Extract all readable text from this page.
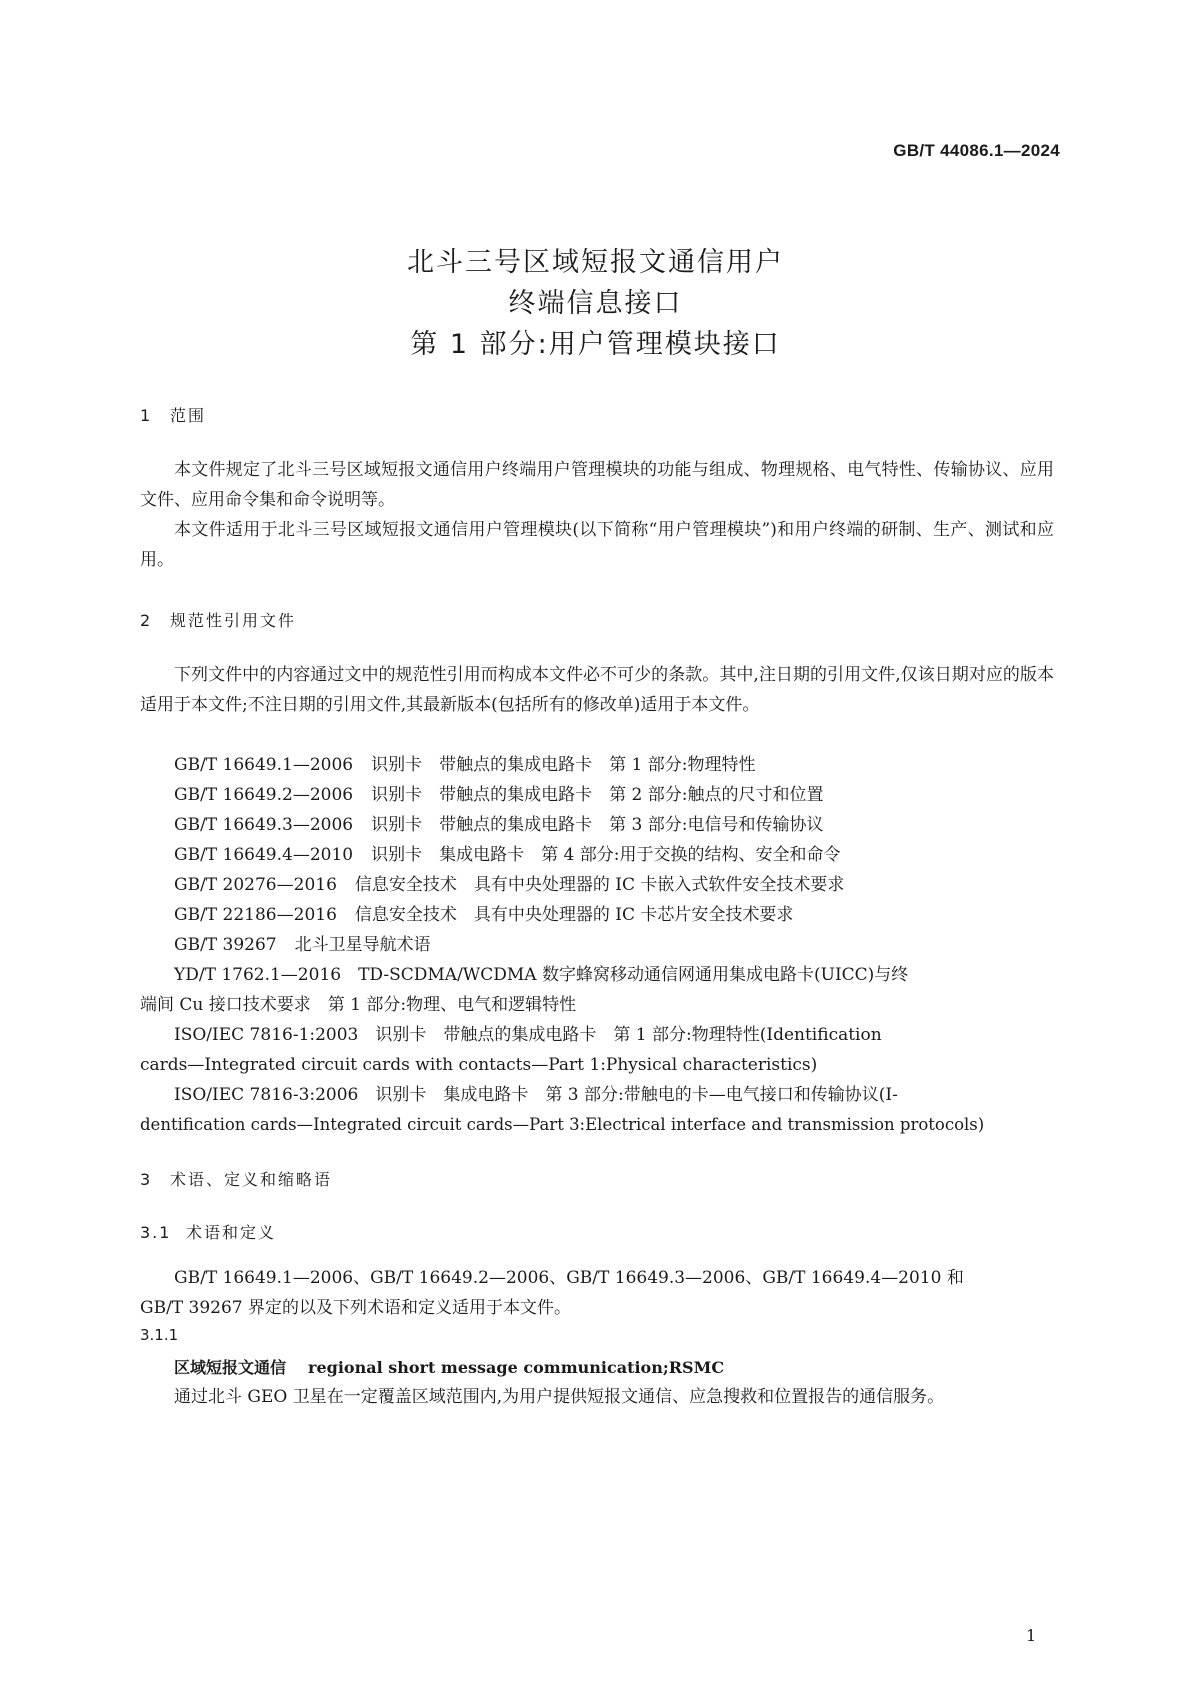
GB/T 44086.1—2024
北斗三号区域短报文通信用户
终端信息接口
第 1 部分:用户管理模块接口
1 范围
本文件规定了北斗三号区域短报文通信用户终端用户管理模块的功能与组成、物理规格、电气特性、传输协议、应用文件、应用命令集和命令说明等。
本文件适用于北斗三号区域短报文通信用户管理模块(以下简称“用户管理模块”)和用户终端的研制、生产、测试和应用。
2 规范性引用文件
下列文件中的内容通过文中的规范性引用而构成本文件必不可少的条款。其中,注日期的引用文件,仅该日期对应的版本适用于本文件;不注日期的引用文件,其最新版本(包括所有的修改单)适用于本文件。
GB/T 16649.1—2006 识别卡　带触点的集成电路卡　第 1 部分:物理特性
GB/T 16649.2—2006 识别卡　带触点的集成电路卡　第 2 部分:触点的尺寸和位置
GB/T 16649.3—2006 识别卡　带触点的集成电路卡　第 3 部分:电信号和传输协议
GB/T 16649.4—2010 识别卡　集成电路卡　第 4 部分:用于交换的结构、安全和命令
GB/T 20276—2016 信息安全技术　具有中央处理器的 IC 卡嵌入式软件安全技术要求
GB/T 22186—2016 信息安全技术　具有中央处理器的 IC 卡芯片安全技术要求
GB/T 39267 北斗卫星导航术语
YD/T 1762.1—2016　TD-SCDMA/WCDMA 数字蜂窝移动通信网通用集成电路卡(UICC)与终
端间 Cu 接口技术要求　第 1 部分:物理、电气和逻辑特性
ISO/IEC 7816-1:2003　识别卡　带触点的集成电路卡　第 1 部分:物理特性(Identification
cards—Integrated circuit cards with contacts—Part 1:Physical characteristics)
ISO/IEC 7816-3:2006　识别卡　集成电路卡　第 3 部分:带触电的卡—电气接口和传输协议(I-
dentification cards—Integrated circuit cards—Part 3:Electrical interface and transmission protocols)
3 术语、定义和缩略语
3.1 术语和定义
GB/T 16649.1—2006、GB/T 16649.2—2006、GB/T 16649.3—2006、GB/T 16649.4—2010 和
GB/T 39267 界定的以及下列术语和定义适用于本文件。
3.1.1
区域短报文通信 regional short message communication;RSMC
通过北斗 GEO 卫星在一定覆盖区域范围内,为用户提供短报文通信、应急搜救和位置报告的通信服务。
1
